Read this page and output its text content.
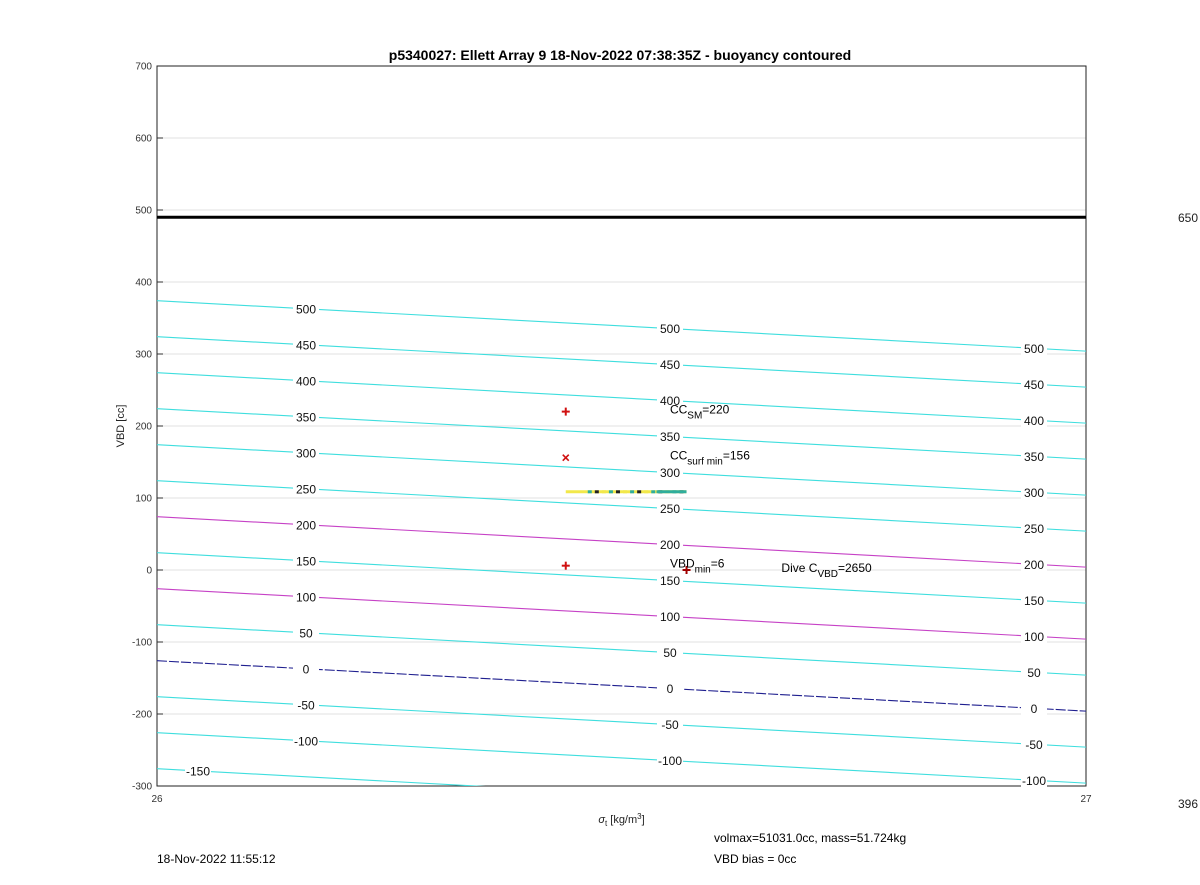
p5340027: Ellett Array 9 18-Nov-2022 07:38:35Z - buoyancy contoured
-300
-200
-100
0
100
200
300
400
500
600
700
26	27
VBD [cc]
$\sigma_t$ $[kg/m^3]$
650
396
-150
-100
-100
-100
-50
-50
-50
0
0
0
50
50
50
100
100
100
150
150
150
200
200
200
250
250
250
300
300
300
350
350
350
400
400
400
450
450
450
500
500
500
$CC_{SM}=220$
$CC_{surf min}=156$
$VBD_{min}=6$	Dive $C_{VBD}=2650$
18-Nov-2022 11:55:12
volmax=51031.0cc, mass=51.724kg
VBD bias = 0cc
